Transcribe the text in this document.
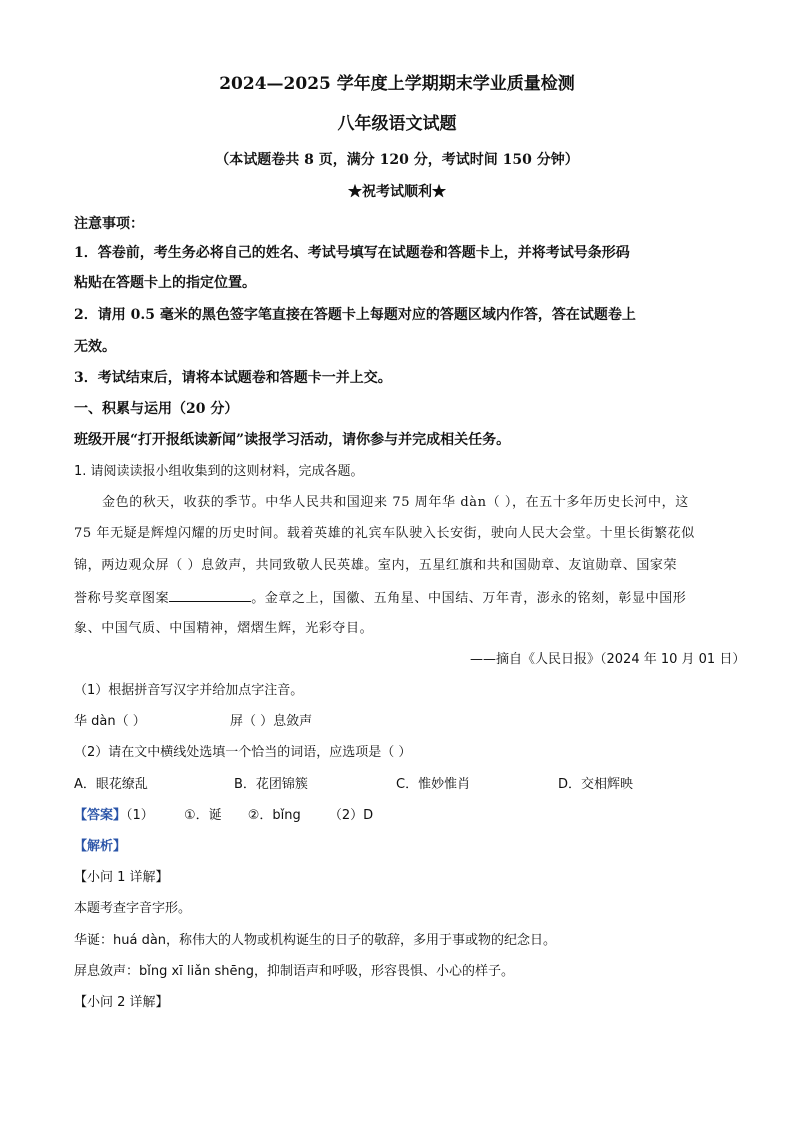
2024—2025 学年度上学期期末学业质量检测
八年级语文试题
（本试题卷共 8 页，满分 120 分，考试时间 150 分钟）
★祝考试顺利★
注意事项：
1．答卷前，考生务必将自己的姓名、考试号填写在试题卷和答题卡上，并将考试号条形码
粘贴在答题卡上的指定位置。
2．请用 0.5 毫米的黑色签字笔直接在答题卡上每题对应的答题区域内作答，答在试题卷上
无效。
3．考试结束后，请将本试题卷和答题卡一并上交。
一、积累与运用（20 分）
班级开展“打开报纸读新闻”读报学习活动，请你参与并完成相关任务。
1. 请阅读读报小组收集到的这则材料，完成各题。
金色的秋天，收获的季节。中华人民共和国迎来 75 周年华 dàn（ ），在五十多年历史长河中，这
75 年无疑是辉煌闪耀的历史时间。载着英雄的礼宾车队驶入长安街，驶向人民大会堂。十里长街繁花似
锦，两边观众屏（ ）息敛声，共同致敬人民英雄。室内，五星红旗和共和国勋章、友谊勋章、国家荣
誉称号奖章图案	。金章之上，国徽、五角星、中国结、万年青，澎永的铭刻，彰显中国形
象、中国气质、中国精神，熠熠生辉，光彩夺目。
——摘自《人民日报》（2024 年 10 月 01 日）
（1）根据拼音写汉字并给加点字注音。
华 dàn（ ）	屏（ ）息敛声
（2）请在文中横线处选填一个恰当的词语，应选项是（ ）
A．眼花缭乱	B．花团锦簇	C．惟妙惟肖	D．交相辉映
【答案】（1） ①．诞 ②．bǐng （2）D
【解析】
【小问 1 详解】
本题考查字音字形。
华诞：huá dàn，称伟大的人物或机构诞生的日子的敬辞，多用于事或物的纪念日。
屏息敛声：bǐng xī liǎn shēng，抑制语声和呼吸，形容畏惧、小心的样子。
【小问 2 详解】
